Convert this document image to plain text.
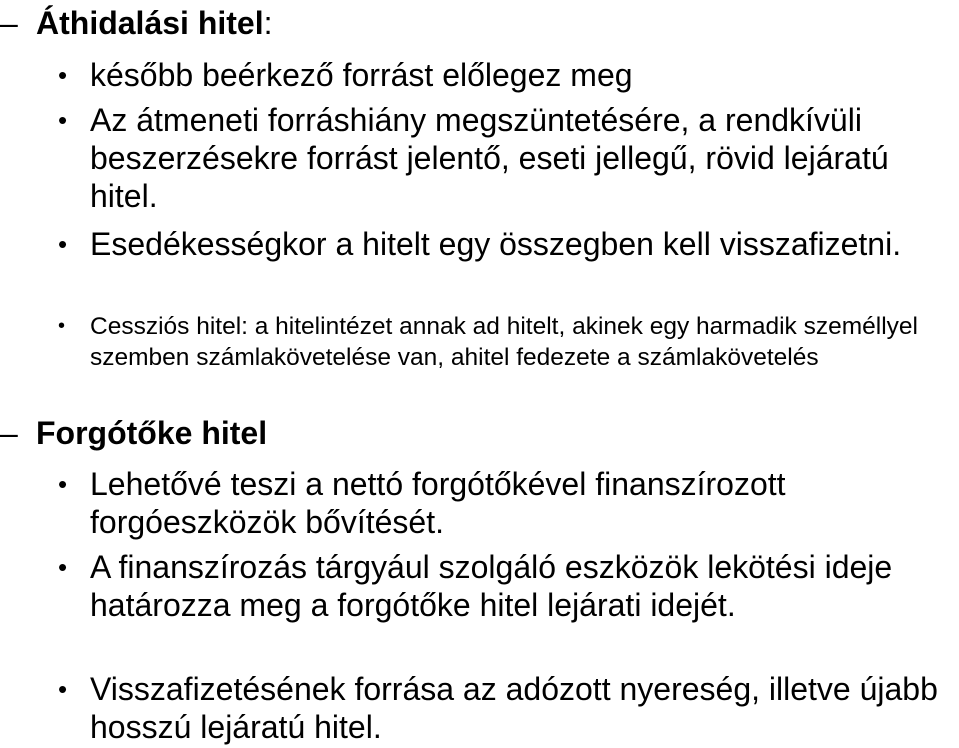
– Áthidalási hitel :
• később beérkező forrást előlegez meg
• Az átmeneti forráshiány megszüntetésére, a rendkívüli beszerzésekre forrást jelentő, eseti jellegű, rövid lejáratú hitel.
• Esedékességkor a hitelt egy összegben kell visszafizetni.
•	Cessziós hitel: a hitelintézet annak ad hitelt, akinek egy harmadik személlyel szemben számlakövetelése van, ahitel fedezete a számlakövetelés
– Forgótőke hitel
• Lehetővé teszi a nettó forgótőkével finanszírozott forgóeszközök bővítését.
• A finanszírozás tárgyául szolgáló eszközök lekötési ideje határozza meg a forgótőke hitel lejárati idejét.
• Visszafizetésének forrása az adózott nyereség, illetve újabb hosszú lejáratú hitel.
